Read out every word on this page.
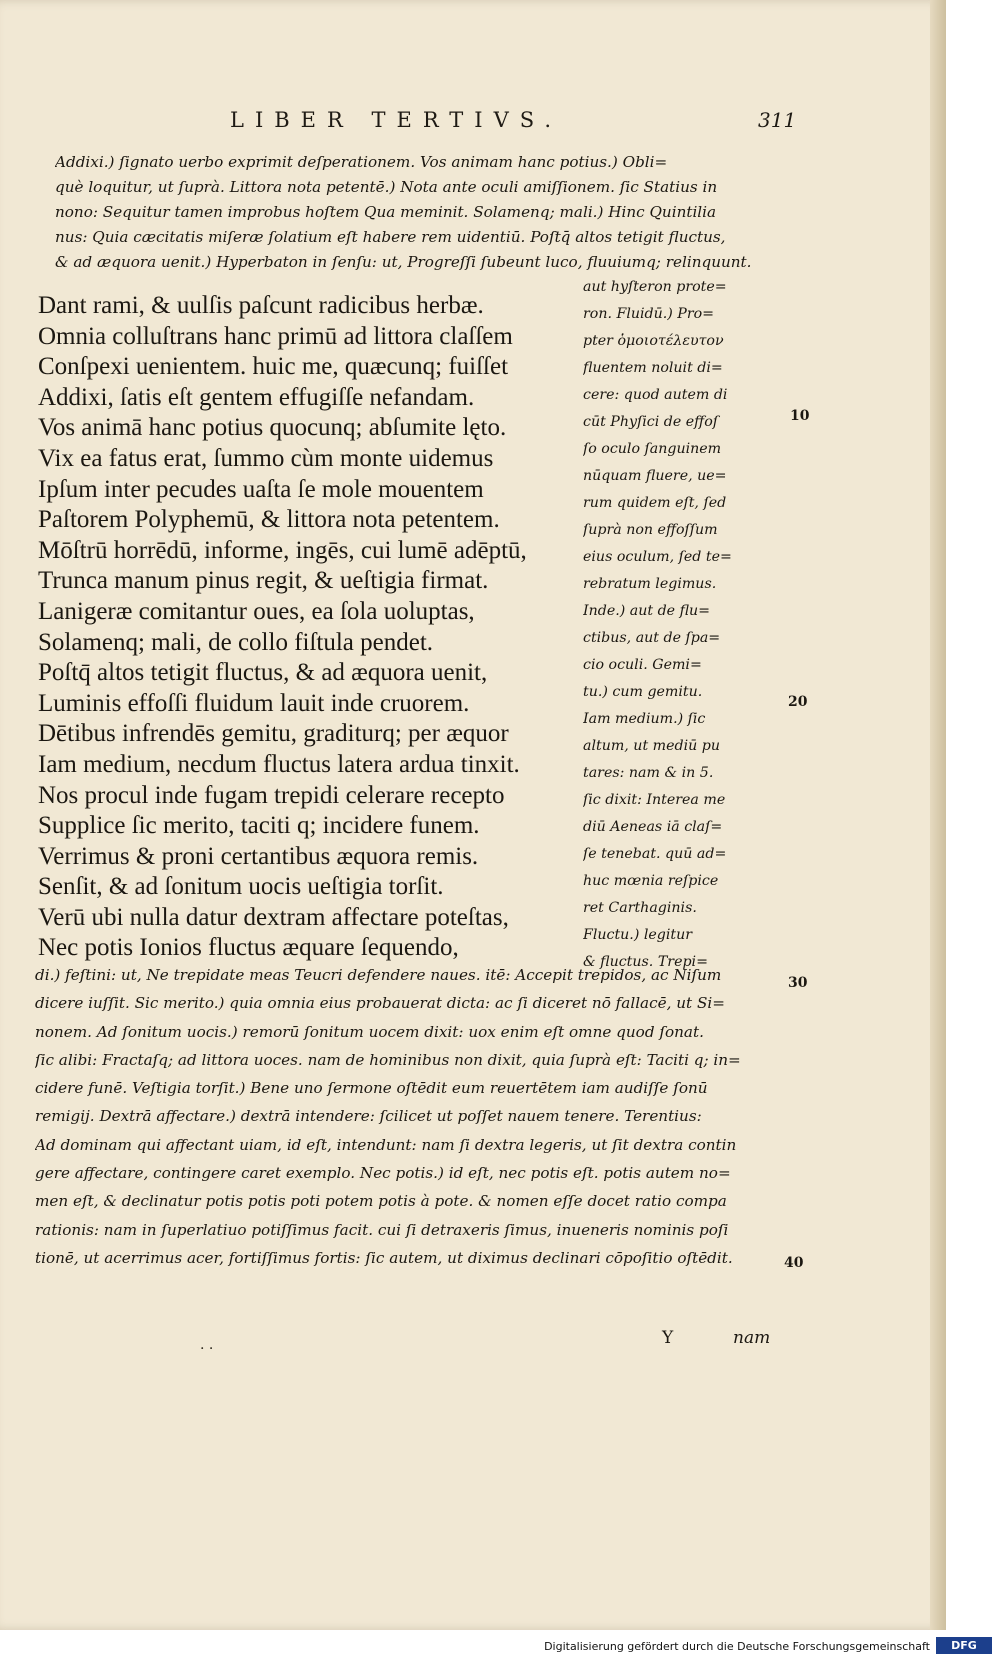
LIBER TERTIVS.	311
Addixi.) ſignato uerbo exprimit deſperationem. Vos animam hanc potius.) Obli=
què loquitur, ut ſuprà. Littora nota petentē.) Nota ante oculi amiſſionem. ſic Statius in
nono: Sequitur tamen improbus hoſtem Qua meminit. Solamenq; mali.) Hinc Quintilia
nus: Quia cæcitatis miſeræ ſolatium eſt habere rem uidentiū. Poſtq̄ altos tetigit fluctus,
& ad æquora uenit.) Hyperbaton in ſenſu: ut, Progreſſi ſubeunt luco, fluuiumq; relinquunt.
Dant rami, & uulſis paſcunt radicibus herbæ.
Omnia colluſtrans hanc primū ad littora claſſem
Conſpexi uenientem. huic me, quæcunq; fuiſſet
Addixi, ſatis eſt gentem effugiſſe nefandam.
Vos animā hanc potius quocunq; abſumite lęto.
Vix ea fatus erat, ſummo cùm monte uidemus
Ipſum inter pecudes uaſta ſe mole mouentem
Paſtorem Polyphemū, & littora nota petentem.
Mōſtrū horrēdū, informe, ingēs, cui lumē adēptū,
Trunca manum pinus regit, & ueſtigia firmat.
Lanigeræ comitantur oues, ea ſola uoluptas,
Solamenq; mali, de collo fiſtula pendet.
Poſtq̄ altos tetigit fluctus, & ad æquora uenit,
Luminis effoſſi fluidum lauit inde cruorem.
Dētibus infrendēs gemitu, graditurq; per æquor
Iam medium, necdum fluctus latera ardua tinxit.
Nos procul inde fugam trepidi celerare recepto
Supplice ſic merito, taciti q; incidere funem.
Verrimus & proni certantibus æquora remis.
Senſit, & ad ſonitum uocis ueſtigia torſit.
Verū ubi nulla datur dextram affectare poteſtas,
Nec potis Ionios fluctus æquare ſequendo,
aut hyſteron prote=
ron. Fluidū.) Pro=
pter ὁμοιοτέλευτον
fluentem noluit di=
cere: quod autem di
cūt Phyſici de effoſ
ſo oculo ſanguinem
nūquam fluere, ue=
rum quidem eſt, ſed
ſuprà non effoſſum
eius oculum, ſed te=
rebratum legimus.
Inde.) aut de flu=
ctibus, aut de ſpa=
cio oculi. Gemi=
tu.) cum gemitu.
Iam medium.) ſic
altum, ut mediū pu
tares: nam & in 5.
ſic dixit: Interea me
diū Aeneas iā claſ=
ſe tenebat. quū ad=
huc mœnia reſpice
ret Carthaginis.
Fluctu.) legitur
& fluctus. Trepi=
10
20
30
40
di.) feſtini: ut, Ne trepidate meas Teucri defendere naues. itē: Accepit trepidos, ac Niſum
dicere iuſſit. Sic merito.) quia omnia eius probauerat dicta: ac ſi diceret nō fallacē, ut Si=
nonem. Ad ſonitum uocis.) remorū ſonitum uocem dixit: uox enim eſt omne quod ſonat.
ſic alibi: Fractaſq; ad littora uoces. nam de hominibus non dixit, quia ſuprà eſt: Taciti q; in=
cidere funē. Veſtigia torſit.) Bene uno ſermone oſtēdit eum reuertētem iam audiſſe ſonū
remigij. Dextrā affectare.) dextrā intendere: ſcilicet ut poſſet nauem tenere. Terentius:
Ad dominam qui affectant uiam, id eſt, intendunt: nam ſi dextra legeris, ut ſit dextra contin
gere affectare, contingere caret exemplo. Nec potis.) id eſt, nec potis eſt. potis autem no=
men eſt, & declinatur potis potis poti potem potis à pote. & nomen eſſe docet ratio compa
rationis: nam in ſuperlatiuo potiſſimus facit. cui ſi detraxeris ſimus, inueneris nominis poſi
tionē, ut acerrimus acer, fortiſſimus fortis: ſic autem, ut diximus declinari cōpoſitio oſtēdit.
. .	Y	nam
Digitalisierung gefördert durch die Deutsche Forschungsgemeinschaft	DFG
